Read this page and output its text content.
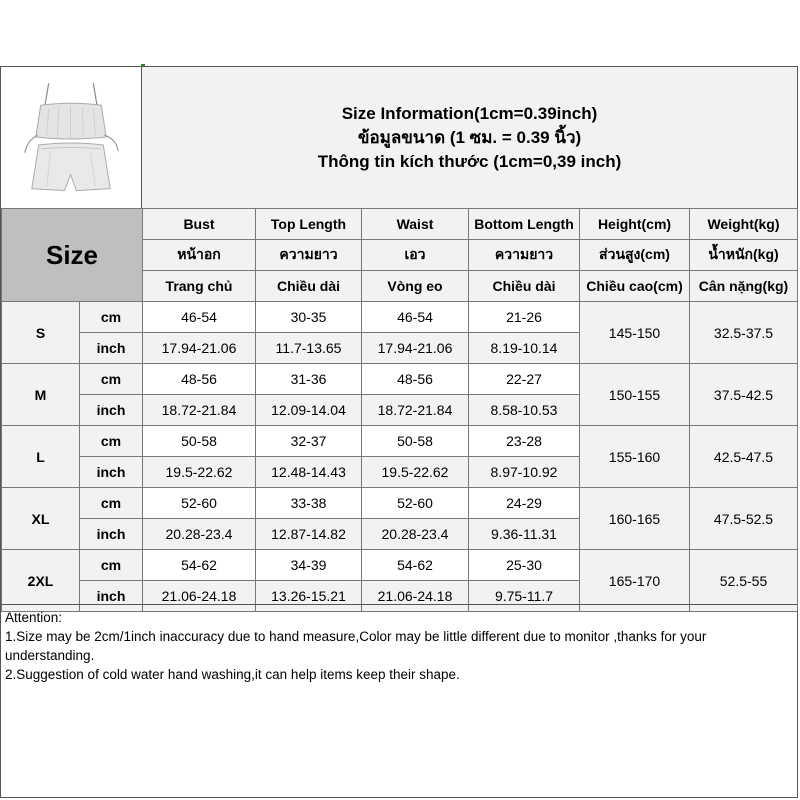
Size Information(1cm=0.39inch)
ข้อมูลขนาด (1 ซม. = 0.39 นิ้ว)
Thông tin kích thước (1cm=0,39 inch)
Size		Bust	Top Length	Waist	Bottom Length	Height(cm)	Weight(kg)
		หน้าอก	ความยาว	เอว	ความยาว	ส่วนสูง(cm)	น้ำหนัก(kg)
		Trang chủ	Chiều dài	Vòng eo	Chiều dài	Chiều cao(cm)	Cân nặng(kg)
S	cm	46-54	30-35	46-54	21-26	145-150	32.5-37.5
	inch	17.94-21.06	11.7-13.65	17.94-21.06	8.19-10.14		
M	cm	48-56	31-36	48-56	22-27	150-155	37.5-42.5
	inch	18.72-21.84	12.09-14.04	18.72-21.84	8.58-10.53		
L	cm	50-58	32-37	50-58	23-28	155-160	42.5-47.5
	inch	19.5-22.62	12.48-14.43	19.5-22.62	8.97-10.92		
XL	cm	52-60	33-38	52-60	24-29	160-165	47.5-52.5
	inch	20.28-23.4	12.87-14.82	20.28-23.4	9.36-11.31		
2XL	cm	54-62	34-39	54-62	25-30	165-170	52.5-55
	inch	21.06-24.18	13.26-15.21	21.06-24.18	9.75-11.7		
Attention:
1.Size may be 2cm/1inch inaccuracy due to hand measure,Color may be little different due to monitor ,thanks for your understanding.
2.Suggestion of cold water hand washing,it can help items keep their shape.
